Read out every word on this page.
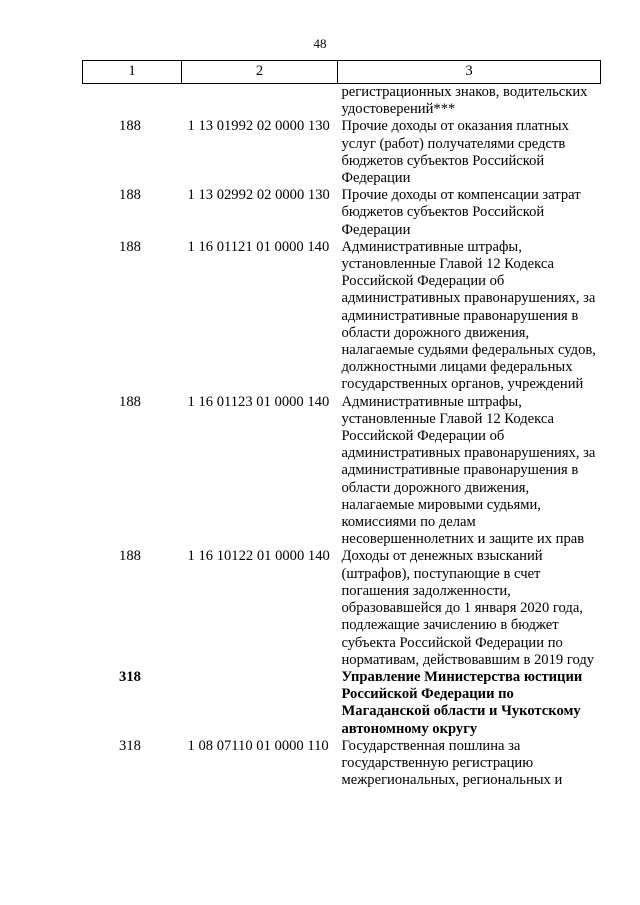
48
1	2	3
		регистрационных знаков, водительских удостоверений***
188	1 13 01992 02 0000 130	Прочие доходы от оказания платных услуг (работ) получателями средств бюджетов субъектов Российской Федерации
188	1 13 02992 02 0000 130	Прочие доходы от компенсации затрат бюджетов субъектов Российской Федерации
188	1 16 01121 01 0000 140	Административные штрафы, установленные Главой 12 Кодекса Российской Федерации об административных правонарушениях, за административные правонарушения в области дорожного движения, налагаемые судьями федеральных судов, должностными лицами федеральных государственных органов, учреждений
188	1 16 01123 01 0000 140	Административные штрафы, установленные Главой 12 Кодекса Российской Федерации об административных правонарушениях, за административные правонарушения в области дорожного движения, налагаемые мировыми судьями, комиссиями по делам несовершеннолетних и защите их прав
188	1 16 10122 01 0000 140	Доходы от денежных взысканий (штрафов), поступающие в счет погашения задолженности, образовавшейся до 1 января 2020 года, подлежащие зачислению в бюджет субъекта Российской Федерации по нормативам, действовавшим в 2019 году
318		Управление Министерства юстиции Российской Федерации по Магаданской области и Чукотскому автономному округу
318	1 08 07110 01 0000 110	Государственная пошлина за государственную регистрацию межрегиональных, региональных и
